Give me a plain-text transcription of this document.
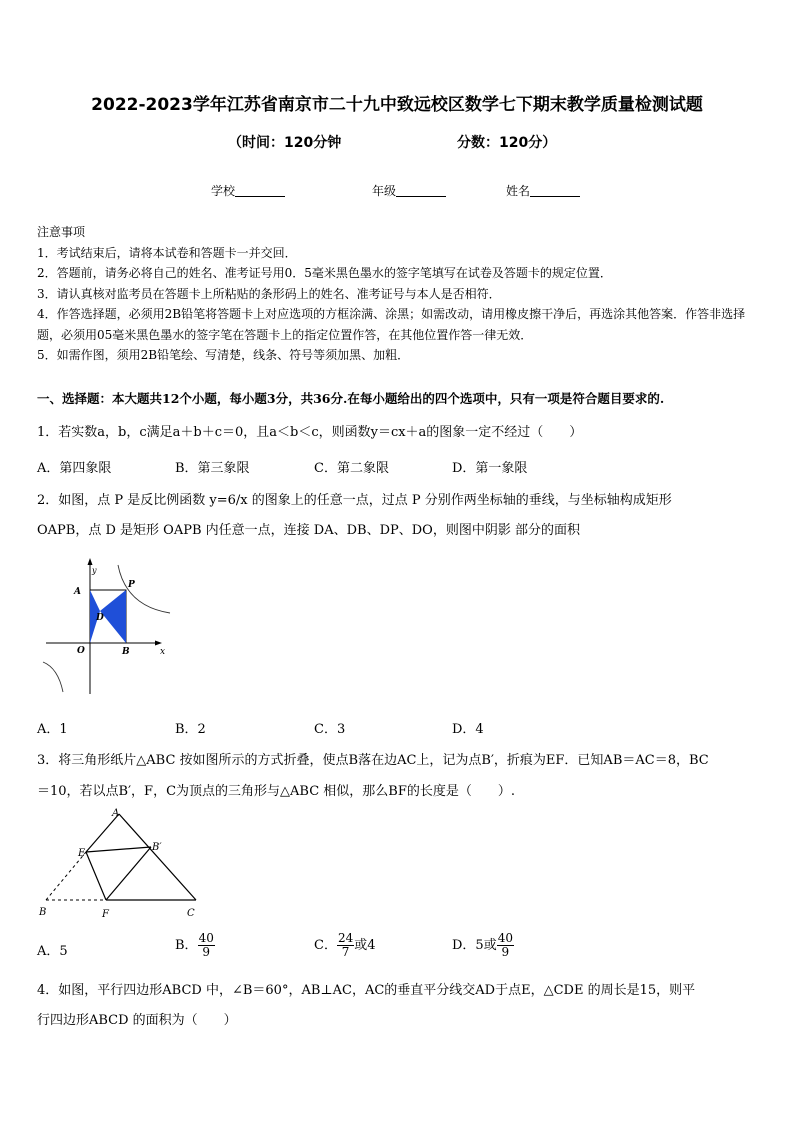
2022-2023学年江苏省南京市二十九中致远校区数学七下期末教学质量检测试题
（时间：120分钟	分数：120分）
学校	年级	姓名
注意事项
1．考试结束后，请将本试卷和答题卡一并交回．
2．答题前，请务必将自己的姓名、准考证号用0．5毫米黑色墨水的签字笔填写在试卷及答题卡的规定位置．
3．请认真核对监考员在答题卡上所粘贴的条形码上的姓名、准考证号与本人是否相符．
4．作答选择题，必须用2B铅笔将答题卡上对应选项的方框涂满、涂黑；如需改动，请用橡皮擦干净后，再选涂其他答案．作答非选择题，必须用05毫米黑色墨水的签字笔在答题卡上的指定位置作答，在其他位置作答一律无效．
5．如需作图，须用2B铅笔绘、写清楚，线条、符号等须加黑、加粗．
一、选择题：本大题共12个小题，每小题3分，共36分.在每小题给出的四个选项中，只有一项是符合题目要求的.
1．若实数a，b，c满足a＋b＋c＝0，且a＜b＜c，则函数y＝cx＋a的图象一定不经过（　　）
A．第四象限	B．第三象限	C．第二象限	D．第一象限
2．如图，点 P 是反比例函数 y=6/x 的图象上的任意一点，过点 P 分别作两坐标轴的垂线，与坐标轴构成矩形
OAPB，点 D 是矩形 OAPB 内任意一点，连接 DA、DB、DP、DO，则图中阴影 部分的面积
y
x
A
P
D
O	B
A．1	B．2	C．3	D．4
3．将三角形纸片△ABC 按如图所示的方式折叠，使点B落在边AC上，记为点B′，折痕为EF．已知AB＝AC＝8，BC
＝10，若以点B′，F，C为顶点的三角形与△ABC 相似，那么BF的长度是（　　）.
A
E
B′
B	F	C
A．5	B． $\frac{40}{9}$	C． $\frac{24}{7}$ 或4	D．5或 $\frac{40}{9}$
4．如图，平行四边形ABCD 中，∠B＝60°，AB⊥AC，AC的垂直平分线交AD于点E，△CDE 的周长是15，则平
行四边形ABCD 的面积为（　　）
